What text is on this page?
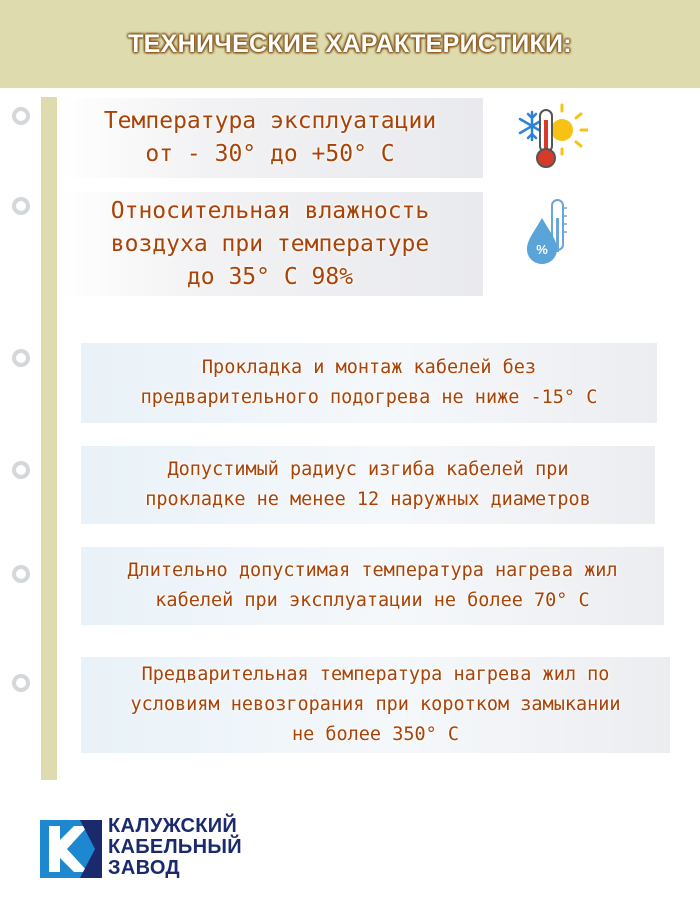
ТЕХНИЧЕСКИЕ ХАРАКТЕРИСТИКИ:
Температура эксплуатации
от - 30° до +50° С
Относительная влажность
воздуха при температуре
до 35° С 98%
%
Прокладка и монтаж кабелей без
предварительного подогрева не ниже -15° С
Допустимый радиус изгиба кабелей при
прокладке не менее 12 наружных диаметров
Длительно допустимая температура нагрева жил
кабелей при эксплуатации не более 70° С
Предварительная температура нагрева жил по
условиям невозгорания при коротком замыкании
не более 350° С
КАЛУЖСКИЙ
КАБЕЛЬНЫЙ
ЗАВОД
